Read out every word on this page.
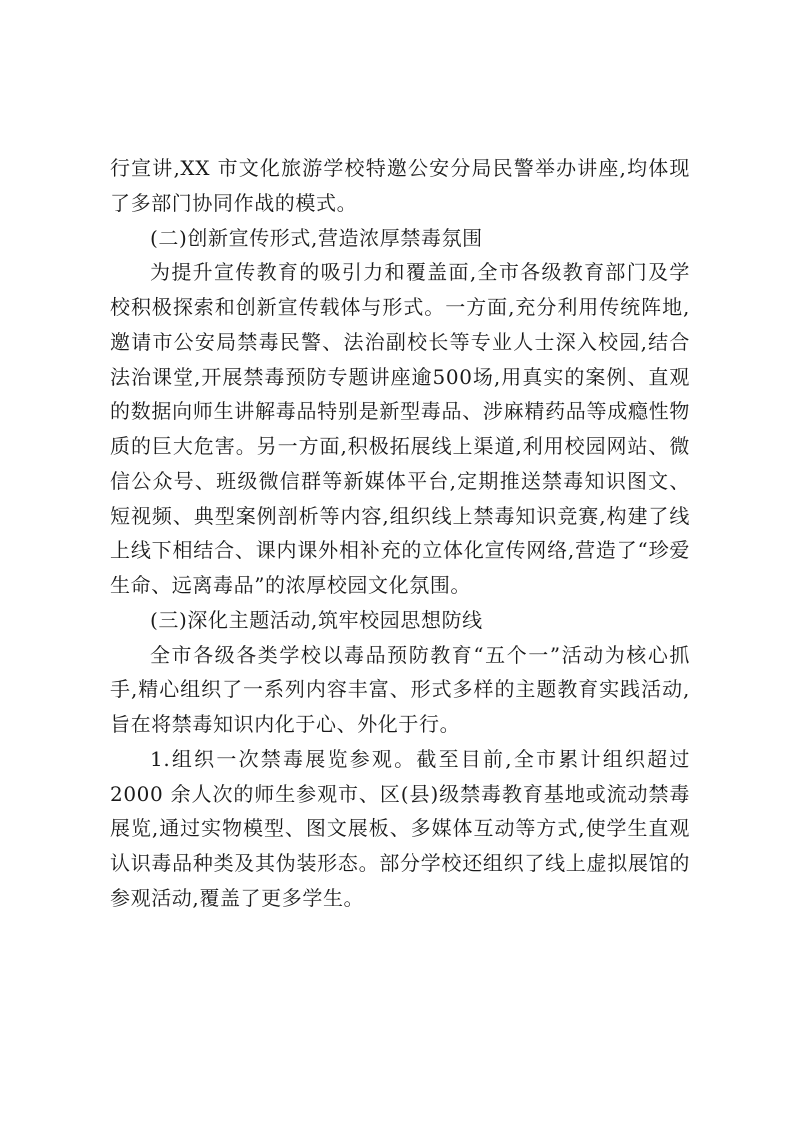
行宣讲,XX 市文化旅游学校特邀公安分局民警举办讲座,均体现了多部门协同作战的模式。

(二)创新宣传形式,营造浓厚禁毒氛围

为提升宣传教育的吸引力和覆盖面,全市各级教育部门及学校积极探索和创新宣传载体与形式。一方面,充分利用传统阵地,邀请市公安局禁毒民警、法治副校长等专业人士深入校园,结合法治课堂,开展禁毒预防专题讲座逾500场,用真实的案例、直观的数据向师生讲解毒品特别是新型毒品、涉麻精药品等成瘾性物质的巨大危害。另一方面,积极拓展线上渠道,利用校园网站、微信公众号、班级微信群等新媒体平台,定期推送禁毒知识图文、短视频、典型案例剖析等内容,组织线上禁毒知识竞赛,构建了线上线下相结合、课内课外相补充的立体化宣传网络,营造了“珍爱生命、远离毒品”的浓厚校园文化氛围。

(三)深化主题活动,筑牢校园思想防线

全市各级各类学校以毒品预防教育“五个一”活动为核心抓手,精心组织了一系列内容丰富、形式多样的主题教育实践活动,旨在将禁毒知识内化于心、外化于行。

1.组织一次禁毒展览参观。截至目前,全市累计组织超过2000 余人次的师生参观市、区(县)级禁毒教育基地或流动禁毒展览,通过实物模型、图文展板、多媒体互动等方式,使学生直观认识毒品种类及其伪装形态。部分学校还组织了线上虚拟展馆的参观活动,覆盖了更多学生。
